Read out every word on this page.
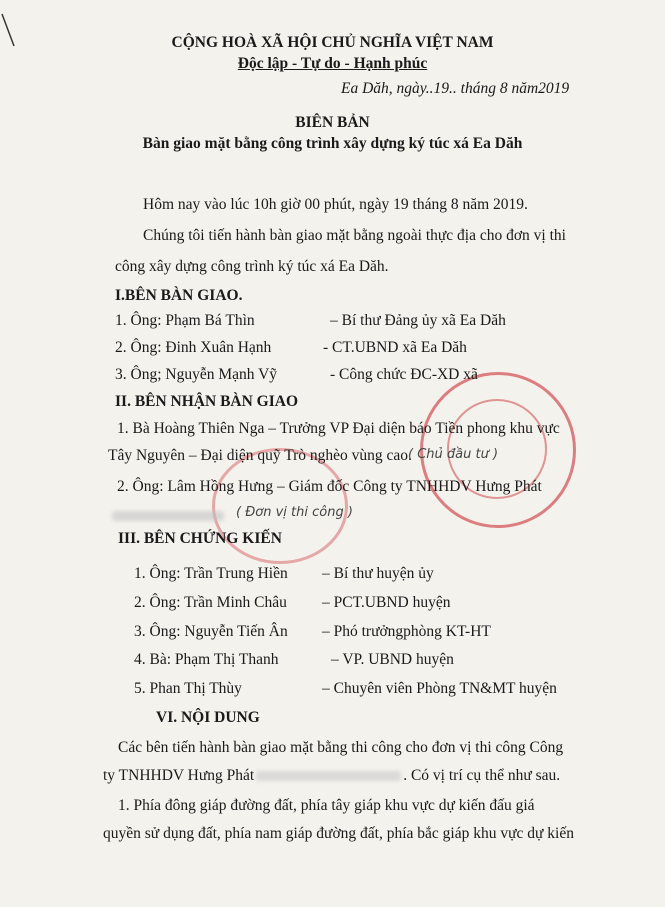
CỘNG HOÀ XÃ HỘI CHỦ NGHĨA VIỆT NAM
Độc lập - Tự do - Hạnh phúc
Ea Dăh, ngày..19.. tháng 8 năm2019
BIÊN BẢN
Bàn giao mặt bằng công trình xây dựng ký túc xá Ea Dăh
Hôm nay vào lúc 10h giờ 00 phút, ngày 19 tháng 8 năm 2019.
Chúng tôi tiến hành bàn giao mặt bằng ngoài thực địa cho đơn vị thi
công xây dựng công trình ký túc xá Ea Dăh.
I.BÊN BÀN GIAO.
1. Ông: Phạm Bá Thìn	– Bí thư Đảng ủy xã Ea Dăh
2. Ông: Đinh Xuân Hạnh	- CT.UBND xã Ea Dăh
3. Ông; Nguyễn Mạnh Vỹ	- Công chức ĐC-XD xã
II. BÊN NHẬN BÀN GIAO
1. Bà Hoàng Thiên Nga – Trưởng VP Đại diện báo Tiền phong khu vực
Tây Nguyên – Đại diện quỹ Trò nghèo vùng cao.
( Chủ đầu tư )
2. Ông: Lâm Hồng Hưng – Giám đốc Công ty TNHHDV Hưng Phát
( Đơn vị thi công )
III. BÊN CHỨNG KIẾN
1. Ông: Trần Trung Hiền – Bí thư huyện ủy
2. Ông: Trần Minh Châu – PCT.UBND huyện
3. Ông: Nguyễn Tiến Ân – Phó trưởngphòng KT-HT
4. Bà: Phạm Thị Thanh	– VP. UBND huyện
5. Phan Thị Thùy	– Chuyên viên Phòng TN&MT huyện
VI. NỘI DUNG
Các bên tiến hành bàn giao mặt bằng thi công cho đơn vị thi công Công
ty TNHHDV Hưng Phát	. Có vị trí cụ thể như sau.
1. Phía đông giáp đường đất, phía tây giáp khu vực dự kiến đấu giá
quyền sử dụng đất, phía nam giáp đường đất, phía bắc giáp khu vực dự kiến
